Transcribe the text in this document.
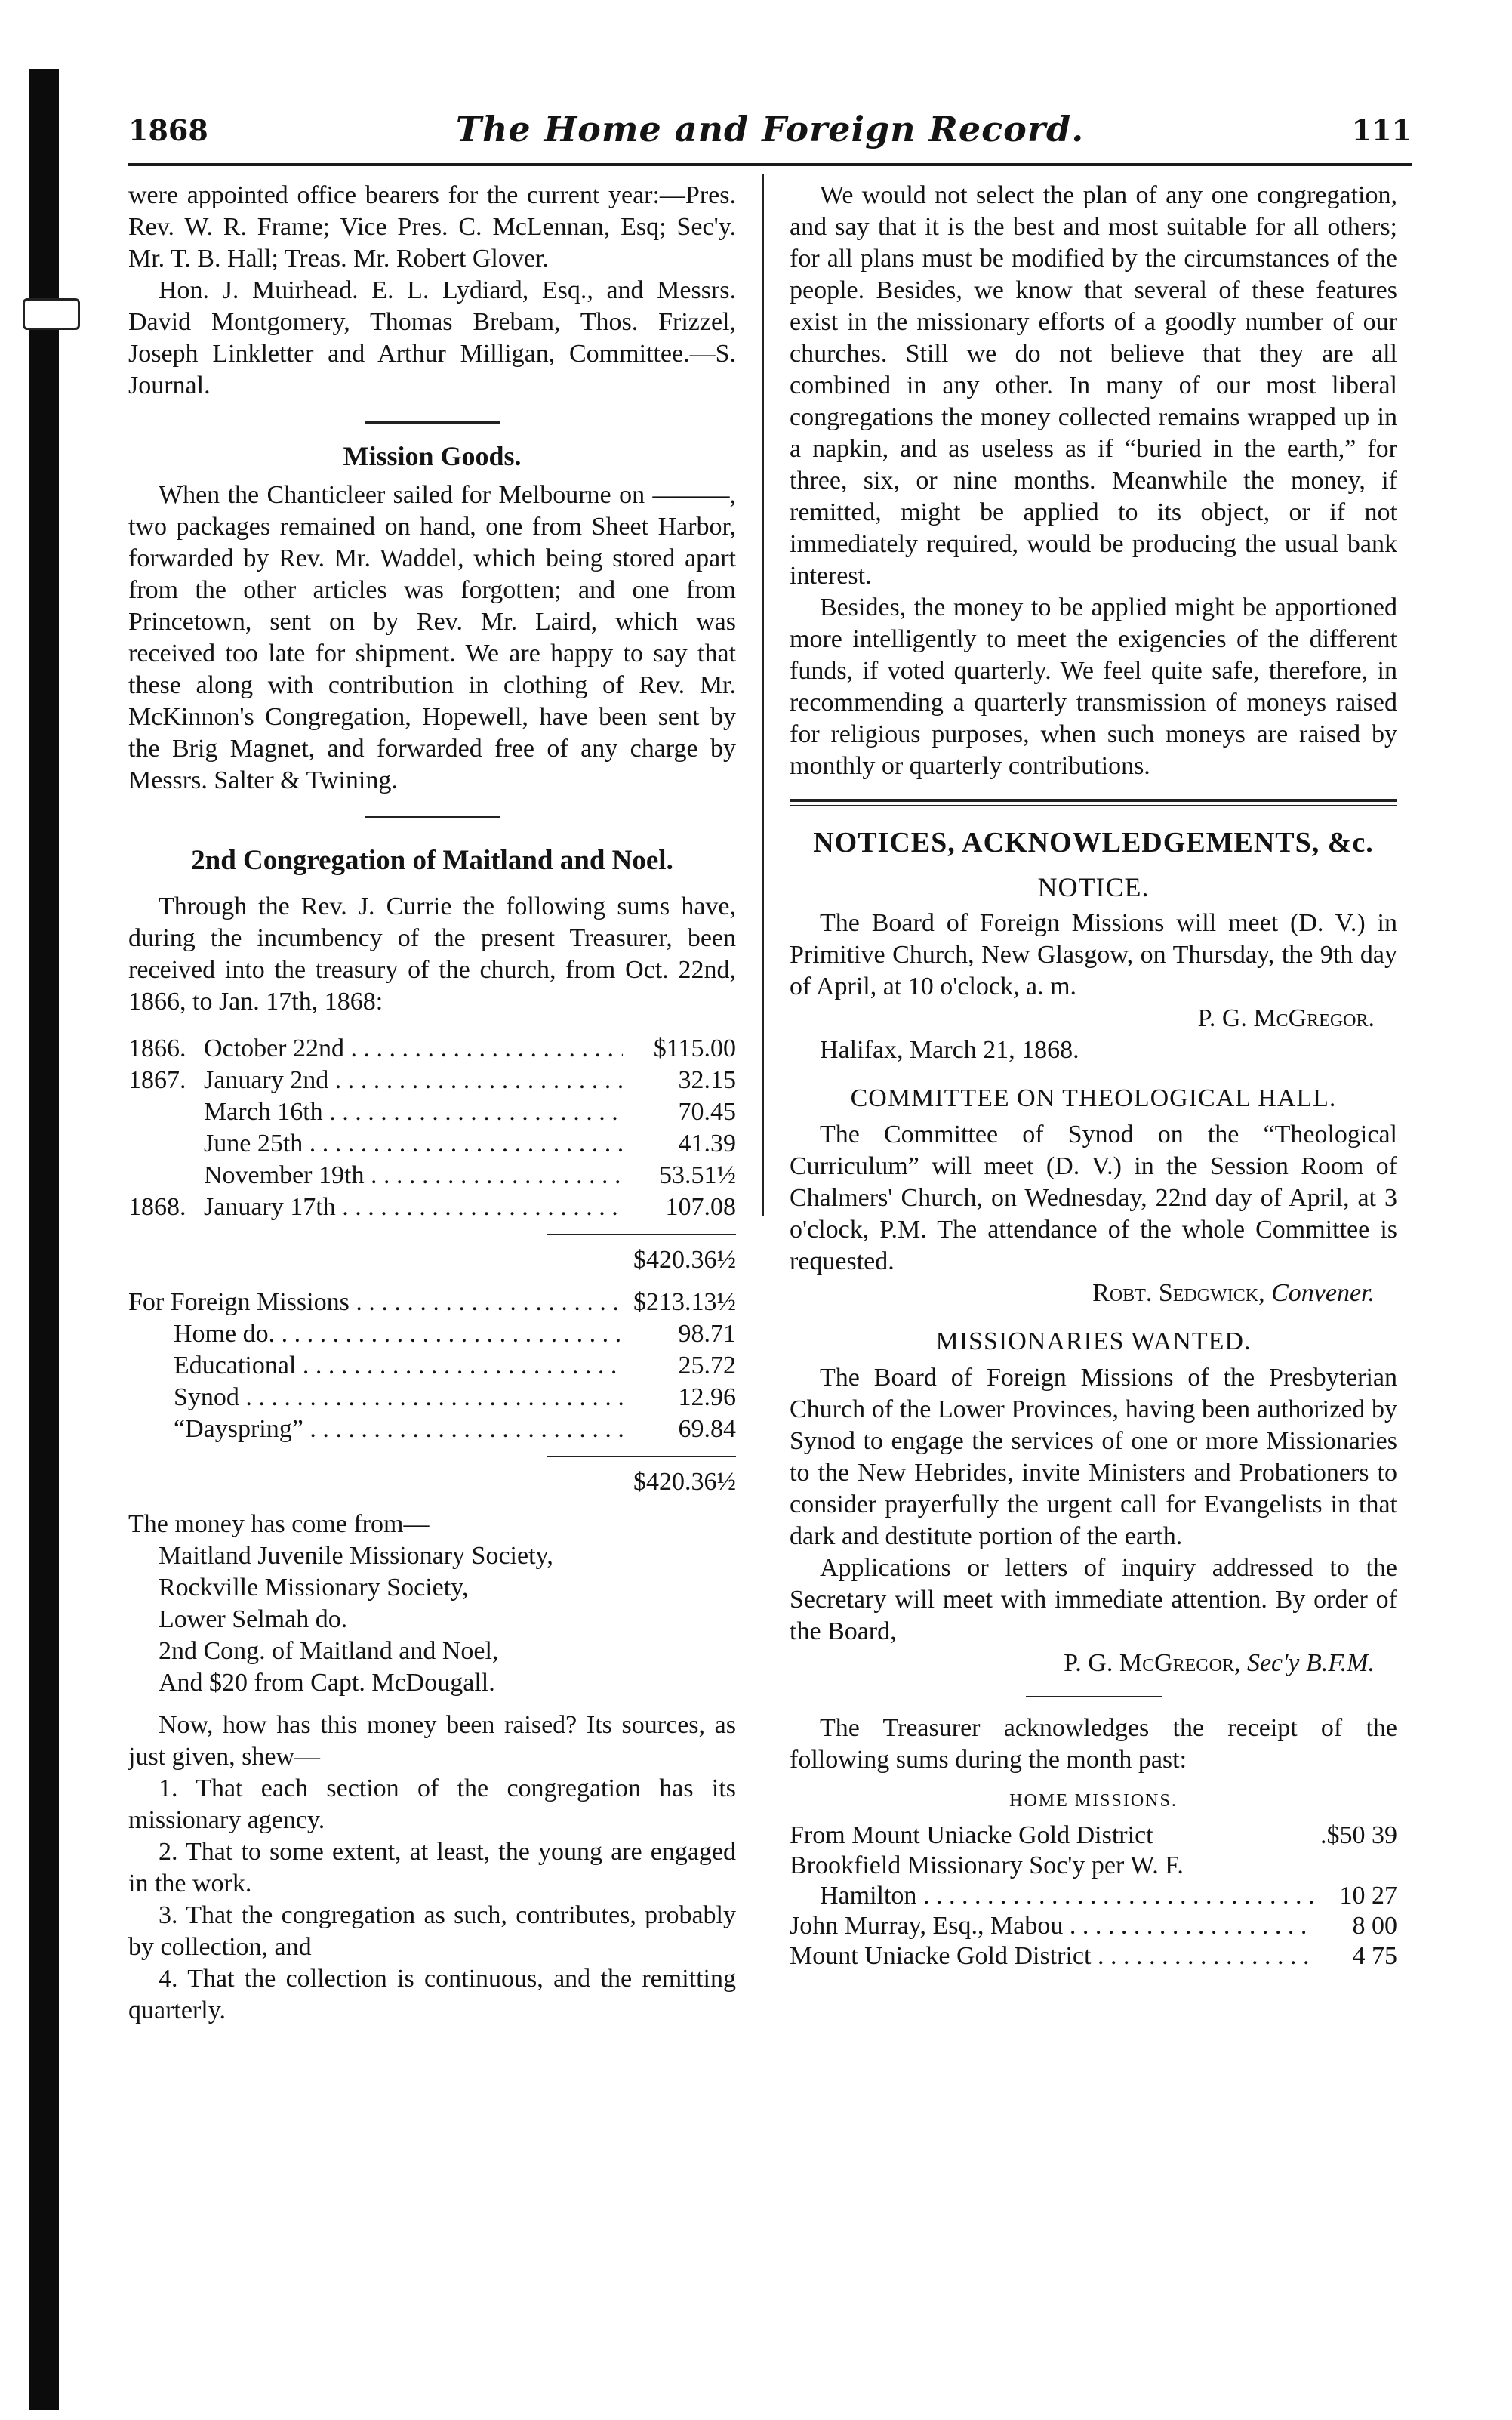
1868	The Home and Foreign Record.	111

were appointed office bearers for the current year:—Pres. Rev. W. R. Frame; Vice Pres. C. McLennan, Esq; Sec'y. Mr. T. B. Hall; Treas. Mr. Robert Glover.

Hon. J. Muirhead. E. L. Lydiard, Esq., and Messrs. David Montgomery, Thomas Brebam, Thos. Frizzel, Joseph Linkletter and Arthur Milligan, Committee.—S. Journal.

Mission Goods.

When the Chanticleer sailed for Melbourne on ———, two packages remained on hand, one from Sheet Harbor, forwarded by Rev. Mr. Waddel, which being stored apart from the other articles was forgotten; and one from Princetown, sent on by Rev. Mr. Laird, which was received too late for shipment. We are happy to say that these along with contribution in clothing of Rev. Mr. McKinnon's Congregation, Hopewell, have been sent by the Brig Magnet, and forwarded free of any charge by Messrs. Salter & Twining.

2nd Congregation of Maitland and Noel.

Through the Rev. J. Currie the following sums have, during the incumbency of the present Treasurer, been received into the treasury of the church, from Oct. 22nd, 1866, to Jan. 17th, 1868:

1866. October 22nd . . .	$115.00
1867. January 2nd . . .	32.15
March 16th . . .	70.45
June 25th . . .	41.39
November 19th . . .	53.51½
1868. January 17th . . .	107.08
$420.36½
For Foreign Missions . . .	$213.13½
Home do. . . .	98.71
Educational . . .	25.72
Synod . . .	12.96
“Dayspring” . . .	69.84
$420.36½

The money has come from—

Maitland Juvenile Missionary Society,
Rockville Missionary Society,
Lower Selmah do.
2nd Cong. of Maitland and Noel,
And $20 from Capt. McDougall.

Now, how has this money been raised? Its sources, as just given, shew—

1. That each section of the congregation has its missionary agency.

2. That to some extent, at least, the young are engaged in the work.

3. That the congregation as such, contributes, probably by collection, and

4. That the collection is continuous, and the remitting quarterly.

We would not select the plan of any one congregation, and say that it is the best and most suitable for all others; for all plans must be modified by the circumstances of the people. Besides, we know that several of these features exist in the missionary efforts of a goodly number of our churches. Still we do not believe that they are all combined in any other. In many of our most liberal congregations the money collected remains wrapped up in a napkin, and as useless as if “buried in the earth,” for three, six, or nine months. Meanwhile the money, if remitted, might be applied to its object, or if not immediately required, would be producing the usual bank interest.

Besides, the money to be applied might be apportioned more intelligently to meet the exigencies of the different funds, if voted quarterly. We feel quite safe, therefore, in recommending a quarterly transmission of moneys raised for religious purposes, when such moneys are raised by monthly or quarterly contributions.

NOTICES, ACKNOWLEDGEMENTS, &c.
NOTICE.

The Board of Foreign Missions will meet (D. V.) in Primitive Church, New Glasgow, on Thursday, the 9th day of April, at 10 o'clock, a. m.

P. G. McGregor.

Halifax, March 21, 1868.

COMMITTEE ON THEOLOGICAL HALL.

The Committee of Synod on the “Theological Curriculum” will meet (D. V.) in the Session Room of Chalmers' Church, on Wednesday, 22nd day of April, at 3 o'clock, P.M. The attendance of the whole Committee is requested.

Robt. Sedgwick, Convener.
MISSIONARIES WANTED.

The Board of Foreign Missions of the Presbyterian Church of the Lower Provinces, having been authorized by Synod to engage the services of one or more Missionaries to the New Hebrides, invite Ministers and Probationers to consider prayerfully the urgent call for Evangelists in that dark and destitute portion of the earth.

Applications or letters of inquiry addressed to the Secretary will meet with immediate attention. By order of the Board,

P. G. McGregor, Sec'y B.F.M.

The Treasurer acknowledges the receipt of the following sums during the month past:

HOME MISSIONS.
From Mount Uniacke Gold District	.$50 39
Brookfield Missionary Soc'y per W. F.
Hamilton . . .	10 27
John Murray, Esq., Mabou . . .	8 00
Mount Uniacke Gold District . . .	4 75
